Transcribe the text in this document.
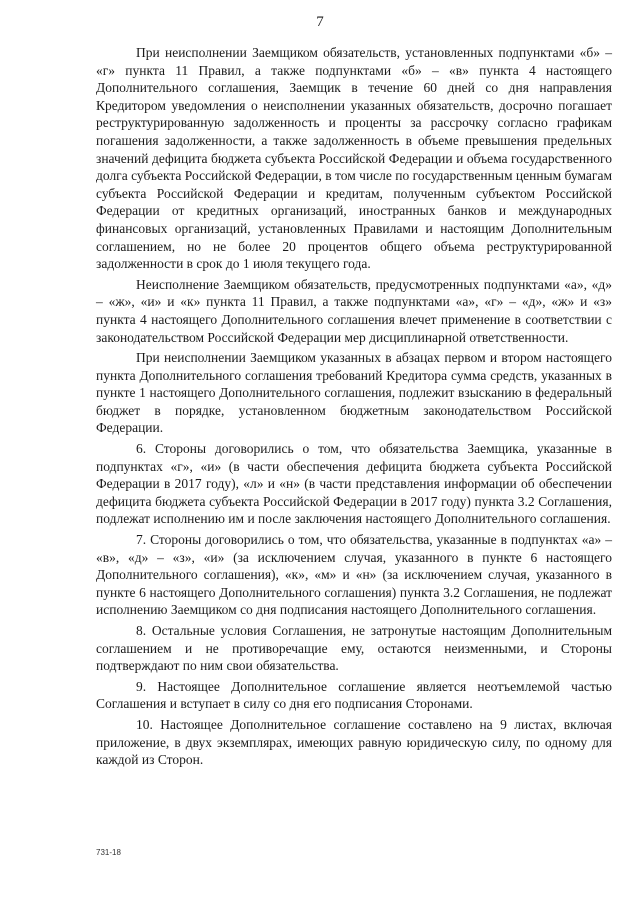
7

При неисполнении Заемщиком обязательств, установленных подпунктами «б» – «г» пункта 11 Правил, а также подпунктами «б» – «в» пункта 4 настоящего Дополнительного соглашения, Заемщик в течение 60 дней со дня направления Кредитором уведомления о неисполнении указанных обязательств, досрочно погашает реструктурированную задолженность и проценты за рассрочку согласно графикам погашения задолженности, а также задолженность в объеме превышения предельных значений дефицита бюджета субъекта Российской Федерации и объема государственного долга субъекта Российской Федерации, в том числе по государственным ценным бумагам субъекта Российской Федерации и кредитам, полученным субъектом Российской Федерации от кредитных организаций, иностранных банков и международных финансовых организаций, установленных Правилами и настоящим Дополнительным соглашением, но не более 20 процентов общего объема реструктурированной задолженности в срок до 1 июля текущего года.

Неисполнение Заемщиком обязательств, предусмотренных подпунктами «а», «д» – «ж», «и» и «к» пункта 11 Правил, а также подпунктами «а», «г» – «д», «ж» и «з» пункта 4 настоящего Дополнительного соглашения влечет применение в соответствии с законодательством Российской Федерации мер дисциплинарной ответственности.

При неисполнении Заемщиком указанных в абзацах первом и втором настоящего пункта Дополнительного соглашения требований Кредитора сумма средств, указанных в пункте 1 настоящего Дополнительного соглашения, подлежит взысканию в федеральный бюджет в порядке, установленном бюджетным законодательством Российской Федерации.

6. Стороны договорились о том, что обязательства Заемщика, указанные в подпунктах «г», «и» (в части обеспечения дефицита бюджета субъекта Российской Федерации в 2017 году), «л» и «н» (в части представления информации об обеспечении дефицита бюджета субъекта Российской Федерации в 2017 году) пункта 3.2 Соглашения, подлежат исполнению им и после заключения настоящего Дополнительного соглашения.

7. Стороны договорились о том, что обязательства, указанные в подпунктах «а» – «в», «д» – «з», «и» (за исключением случая, указанного в пункте 6 настоящего Дополнительного соглашения), «к», «м» и «н» (за исключением случая, указанного в пункте 6 настоящего Дополнительного соглашения) пункта 3.2 Соглашения, не подлежат исполнению Заемщиком со дня подписания настоящего Дополнительного соглашения.

8. Остальные условия Соглашения, не затронутые настоящим Дополнительным соглашением и не противоречащие ему, остаются неизменными, и Стороны подтверждают по ним свои обязательства.

9. Настоящее Дополнительное соглашение является неотъемлемой частью Соглашения и вступает в силу со дня его подписания Сторонами.

10. Настоящее Дополнительное соглашение составлено на 9 листах, включая приложение, в двух экземплярах, имеющих равную юридическую силу, по одному для каждой из Сторон.

731-18
